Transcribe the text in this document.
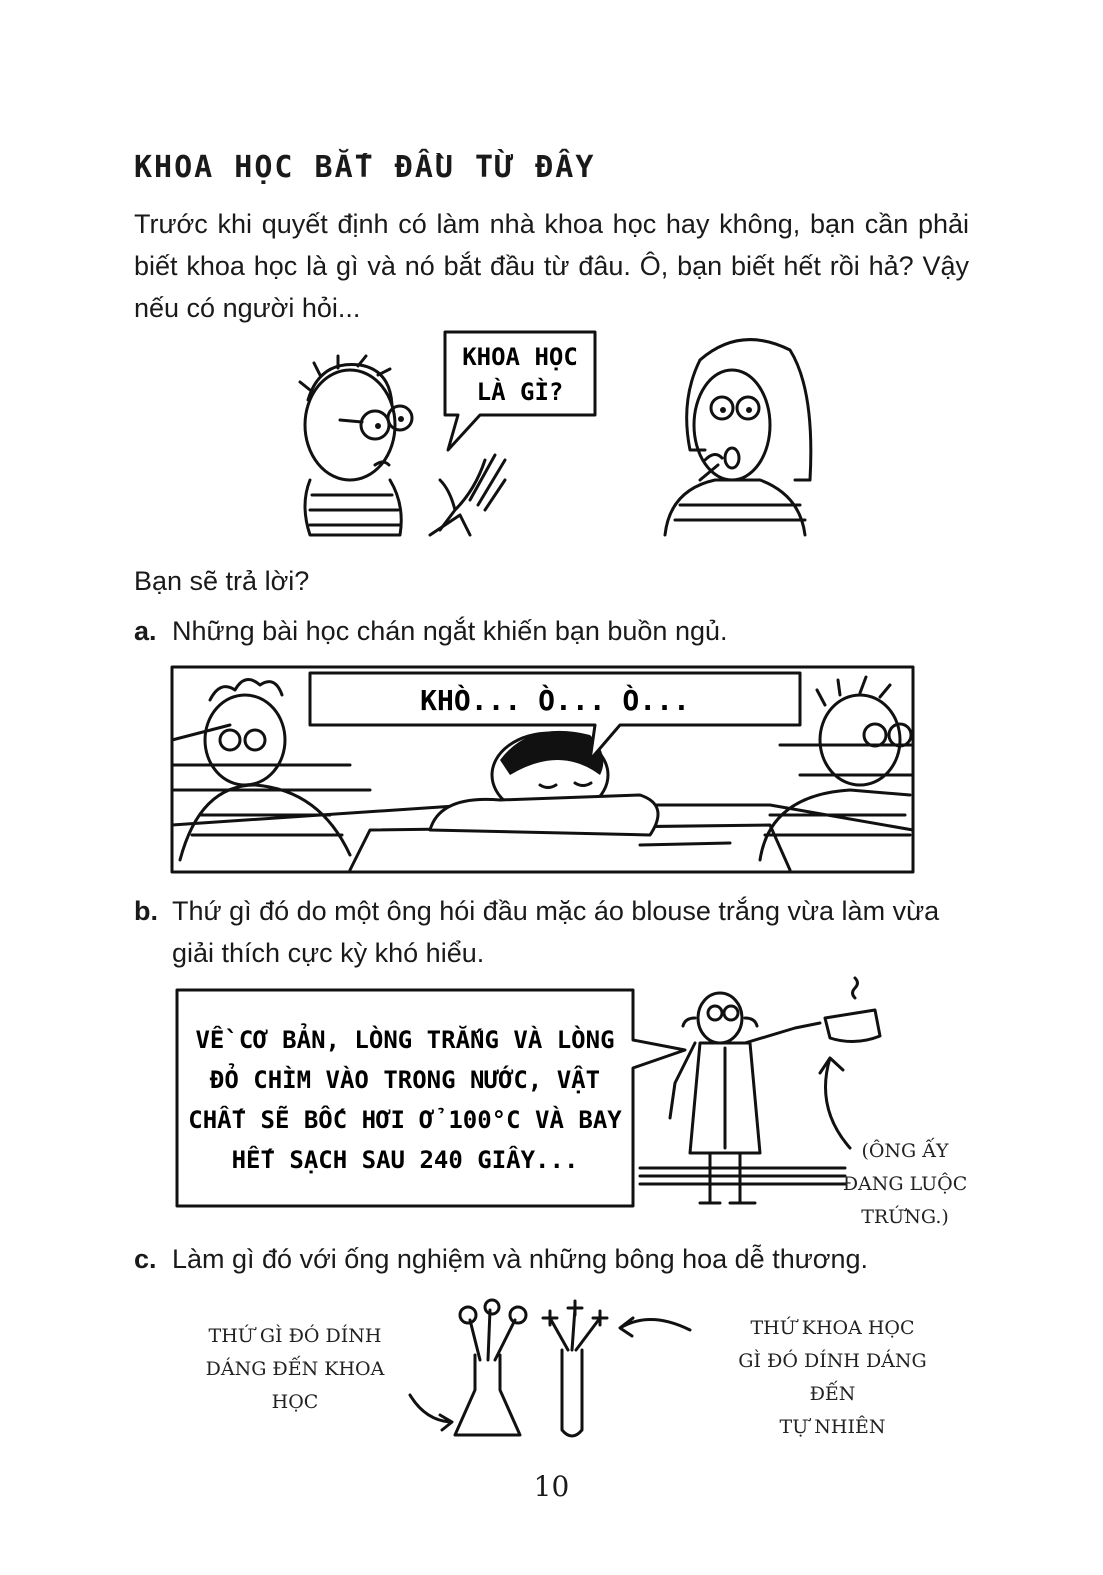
KHOA HỌC BẮT ĐẦU TỪ ĐÂY
Trước khi quyết định có làm nhà khoa học hay không, bạn cần phải biết khoa học là gì và nó bắt đầu từ đâu. Ô, bạn biết hết rồi hả? Vậy nếu có người hỏi...
KHOA HỌC
LÀ GÌ?
Bạn sẽ trả lời?
a. Những bài học chán ngắt khiến bạn buồn ngủ.
KHÒ... Ò... Ò...
b. Thứ gì đó do một ông hói đầu mặc áo blouse trắng vừa làm vừa giải thích cực kỳ khó hiểu.
VỀ CƠ BẢN, LÒNG TRẮNG VÀ LÒNG
ĐỎ CHÌM VÀO TRONG NƯỚC, VẬT
CHẤT SẼ BỐC HƠI Ở 100°C VÀ BAY
HẾT SẠCH SAU 240 GIÂY...	(ÔNG ẤY
ĐANG LUỘC
TRỨNG.)
c. Làm gì đó với ống nghiệm và những bông hoa dễ thương.
THỨ GÌ ĐÓ DÍNH
DÁNG ĐẾN KHOA
HỌC
THỨ KHOA HỌC
GÌ ĐÓ DÍNH DÁNG ĐẾN
TỰ NHIÊN
10
